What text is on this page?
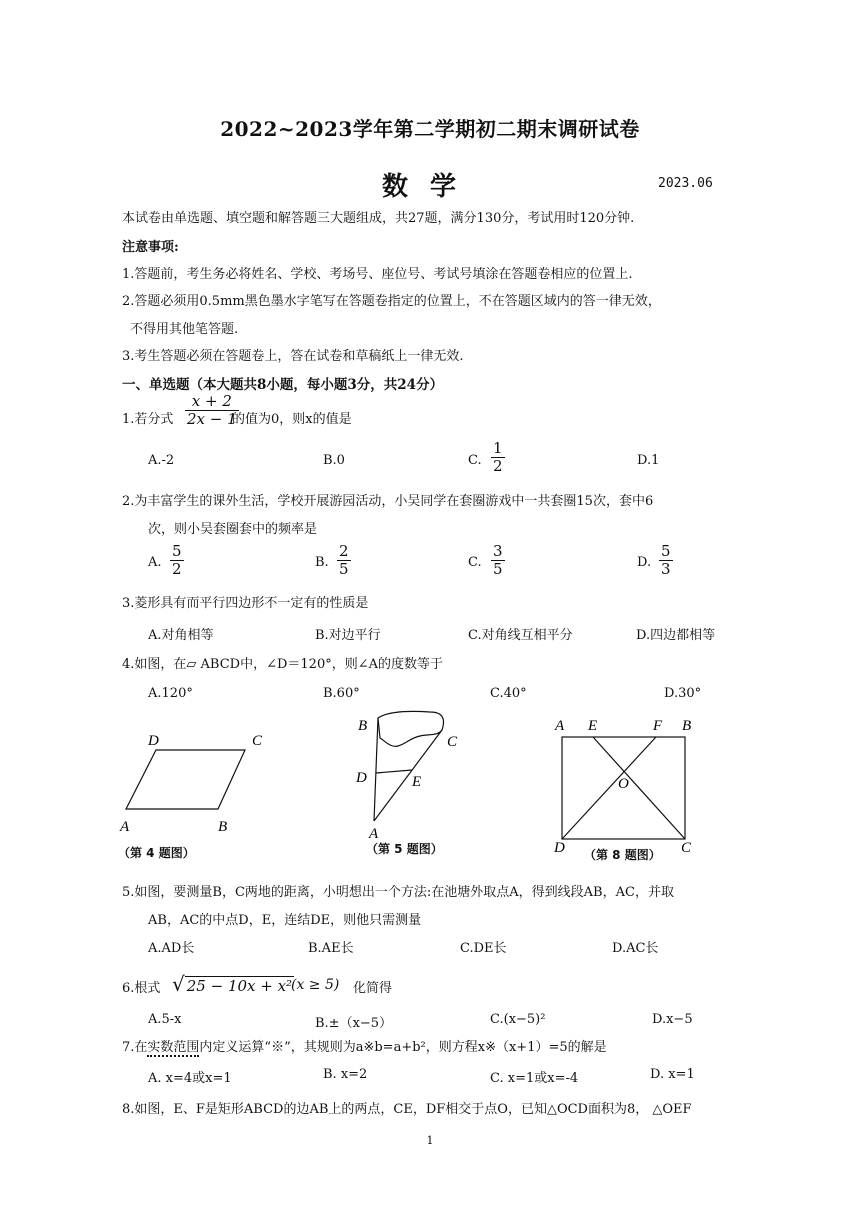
2022~2023学年第二学期初二期末调研试卷
数学	2023.06
本试卷由单选题、填空题和解答题三大题组成，共27题，满分130分，考试用时120分钟.
注意事项:
1.答题前，考生务必将姓名、学校、考场号、座位号、考试号填涂在答题卷相应的位置上.
2.答题必须用0.5mm黑色墨水字笔写在答题卷指定的位置上，不在答题区域内的答一律无效，
不得用其他笔答题.
3.考生答题必须在答题卷上，答在试卷和草稿纸上一律无效.
一、单选题（本大题共8小题，每小题3分，共24分）
1.若分式 $\frac{x + 2}{2x - 1}$
的值为0，则x的值是
A.-2	B.0	C. $\frac{1}{2}$	D.1
2.为丰富学生的课外生活，学校开展游园活动，小吴同学在套圈游戏中一共套圈15次，套中6
次，则小吴套圈套中的频率是
A. $\frac{5}{2}$	B. $\frac{2}{5}$	C. $\frac{3}{5}$	D. $\frac{5}{3}$
3.菱形具有而平行四边形不一定有的性质是
A.对角相等	B.对边平行	C.对角线互相平分	D.四边都相等
4.如图，在▱ ABCD中，∠D＝120°，则∠A的度数等于
A.120°	B.60°	C.40°	D.30°
D	C
A	B
（第 4 题图）
B
C
D	E
A
（第 5 题图）
A E	F B
O
D	C
（第 8 题图）
5.如图，要测量B，C两地的距离，小明想出一个方法:在池塘外取点A，得到线段AB，AC，并取
AB，AC的中点D，E，连结DE，则他只需测量
A.AD长	B.AE长	C.DE长	D.AC长
6.根式 √ 25 − 10x + x²
(x ≥ 5) 化简得
A.5-x	B.±（x−5）	C.(x−5)²	D.x−5
7.在实数范围内定义运算“※”，其规则为a※b=a+b²，则方程x※（x+1）=5的解是
A. x=4或x=1	B. x=2	C. x=1或x=-4	D. x=1
8.如图，E、F是矩形ABCD的边AB上的两点，CE，DF相交于点O，已知△OCD面积为8， △OEF
1
